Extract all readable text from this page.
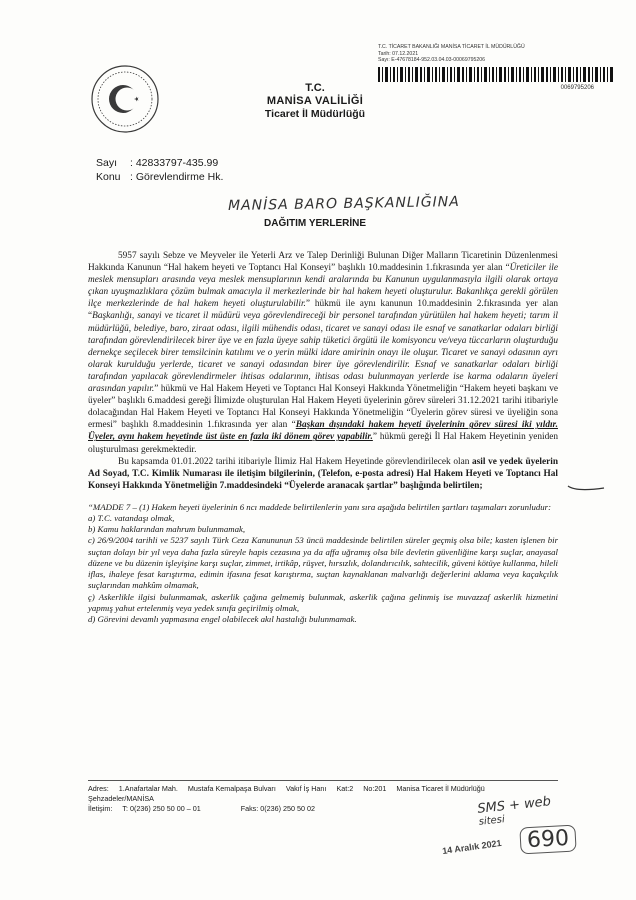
T.C. TİCARET BAKANLIĞI MANİSA TİCARET İL MÜDÜRLÜĞÜ
Tarih: 07.12.2021
Sayı: E-47678184-952.03.04.03-00069795206
0069795206
T.C.
MANİSA VALİLİĞİ
Ticaret İl Müdürlüğü
Sayı	: 42833797-435.99
Konu : Görevlendirme Hk.
MANİSA BARO BAŞKANLIĞINA
DAĞITIM YERLERİNE

5957 sayılı Sebze ve Meyveler ile Yeterli Arz ve Talep Derinliği Bulunan Diğer Malların Ticaretinin Düzenlenmesi Hakkında Kanunun “Hal hakem heyeti ve Toptancı Hal Konseyi” başlıklı 10.maddesinin 1.fıkrasında yer alan “Üreticiler ile meslek mensupları arasında veya meslek mensuplarının kendi aralarında bu Kanunun uygulanmasıyla ilgili olarak ortaya çıkan uyuşmazlıklara çözüm bulmak amacıyla il merkezlerinde bir hal hakem heyeti oluşturulur. Bakanlıkça gerekli görülen ilçe merkezlerinde de hal hakem heyeti oluşturulabilir.” hükmü ile aynı kanunun 10.maddesinin 2.fıkrasında yer alan “Başkanlığı, sanayi ve ticaret il müdürü veya görevlendireceği bir personel tarafından yürütülen hal hakem heyeti; tarım il müdürlüğü, belediye, baro, ziraat odası, ilgili mühendis odası, ticaret ve sanayi odası ile esnaf ve sanatkarlar odaları birliği tarafından görevlendirilecek birer üye ve en fazla üyeye sahip tüketici örgütü ile komisyoncu ve/veya tüccarların oluşturduğu dernekçe seçilecek birer temsilcinin katılımı ve o yerin mülki idare amirinin onayı ile oluşur. Ticaret ve sanayi odasının ayrı olarak kurulduğu yerlerde, ticaret ve sanayi odasından birer üye görevlendirilir. Esnaf ve sanatkarlar odaları birliği tarafından yapılacak görevlendirmeler ihtisas odalarının, ihtisas odası bulunmayan yerlerde ise karma odaların üyeleri arasından yapılır.” hükmü ve Hal Hakem Heyeti ve Toptancı Hal Konseyi Hakkında Yönetmeliğin “Hakem heyeti başkanı ve üyeler” başlıklı 6.maddesi gereği İlimizde oluşturulan Hal Hakem Heyeti üyelerinin görev süreleri 31.12.2021 tarihi itibariyle dolacağından Hal Hakem Heyeti ve Toptancı Hal Konseyi Hakkında Yönetmeliğin “Üyelerin görev süresi ve üyeliğin sona ermesi” başlıklı 8.maddesinin 1.fıkrasında yer alan “Başkan dışındaki hakem heyeti üyelerinin görev süresi iki yıldır. Üyeler, aynı hakem heyetinde üst üste en fazla iki dönem görev yapabilir.” hükmü gereği İl Hal Hakem Heyetinin yeniden oluşturulması gerekmektedir.

Bu kapsamda 01.01.2022 tarihi itibariyle İlimiz Hal Hakem Heyetinde görevlendirilecek olan asil ve yedek üyelerin Ad Soyad, T.C. Kimlik Numarası ile iletişim bilgilerinin, (Telefon, e-posta adresi) Hal Hakem Heyeti ve Toptancı Hal Konseyi Hakkında Yönetmeliğin 7.maddesindeki “Üyelerde aranacak şartlar” başlığında belirtilen;

“MADDE 7 – (1) Hakem heyeti üyelerinin 6 ncı maddede belirtilenlerin yanı sıra aşağıda belirtilen şartları taşımaları zorunludur:

a) T.C. vatandaşı olmak,

b) Kamu haklarından mahrum bulunmamak,

c) 26/9/2004 tarihli ve 5237 sayılı Türk Ceza Kanununun 53 üncü maddesinde belirtilen süreler geçmiş olsa bile; kasten işlenen bir suçtan dolayı bir yıl veya daha fazla süreyle hapis cezasına ya da affa uğramış olsa bile devletin güvenliğine karşı suçlar, anayasal düzene ve bu düzenin işleyişine karşı suçlar, zimmet, irtikâp, rüşvet, hırsızlık, dolandırıcılık, sahtecilik, güveni kötüye kullanma, hileli iflas, ihaleye fesat karıştırma, edimin ifasına fesat karıştırma, suçtan kaynaklanan malvarlığı değerlerini aklama veya kaçakçılık suçlarından mahkûm olmamak,

ç) Askerlikle ilgisi bulunmamak, askerlik çağına gelmemiş bulunmak, askerlik çağına gelinmiş ise muvazzaf askerlik hizmetini yapmış yahut ertelenmiş veya yedek sınıfa geçirilmiş olmak,

d) Görevini devamlı yapmasına engel olabilecek akıl hastalığı bulunmamak.

Adres: 1.Anafartalar Mah. Mustafa Kemalpaşa Bulvarı Vakıf İş Hanı Kat:2 No:201 Manisa Ticaret İl Müdürlüğü
Şehzadeler/MANİSA
İletişim: T: 0(236) 250 50 00 – 01	Faks: 0(236) 250 50 02	SMS + web
sitesi
14 Aralık 2021	690
